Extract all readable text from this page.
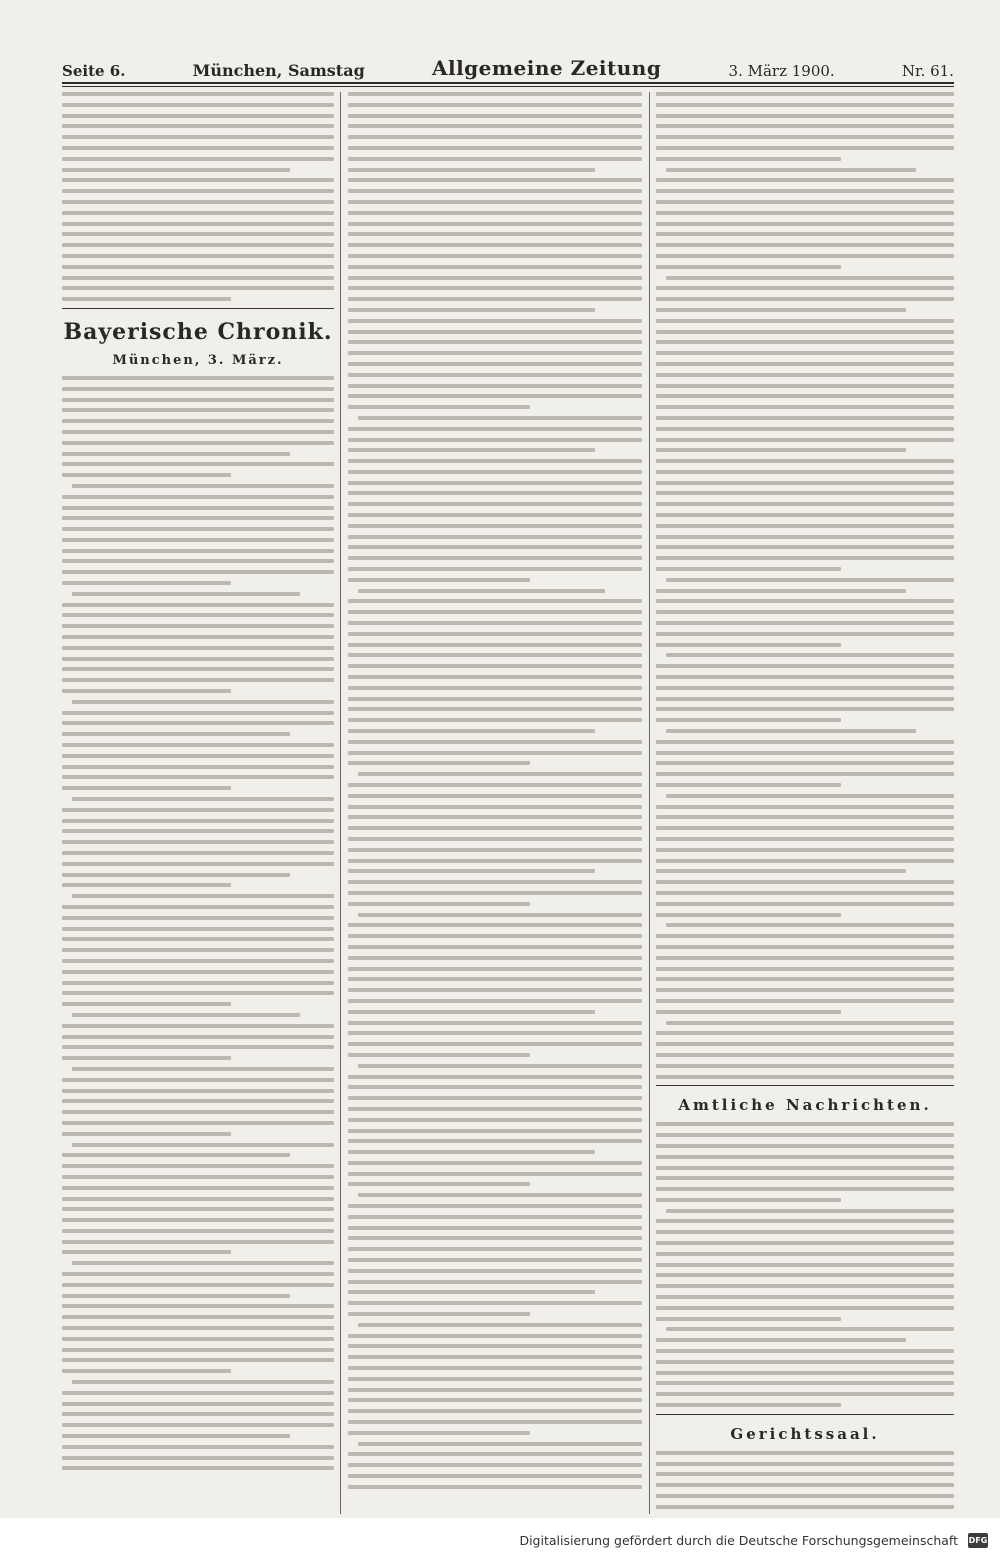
Seite 6.	München, Samstag	Allgemeine Zeitung	3. März 1900.	Nr. 61.
Bayerische Chronik.
München, 3. März.
Amtliche Nachrichten.
Gerichtssaal.
Digitalisierung gefördert durch die Deutsche Forschungsgemeinschaft DFG
